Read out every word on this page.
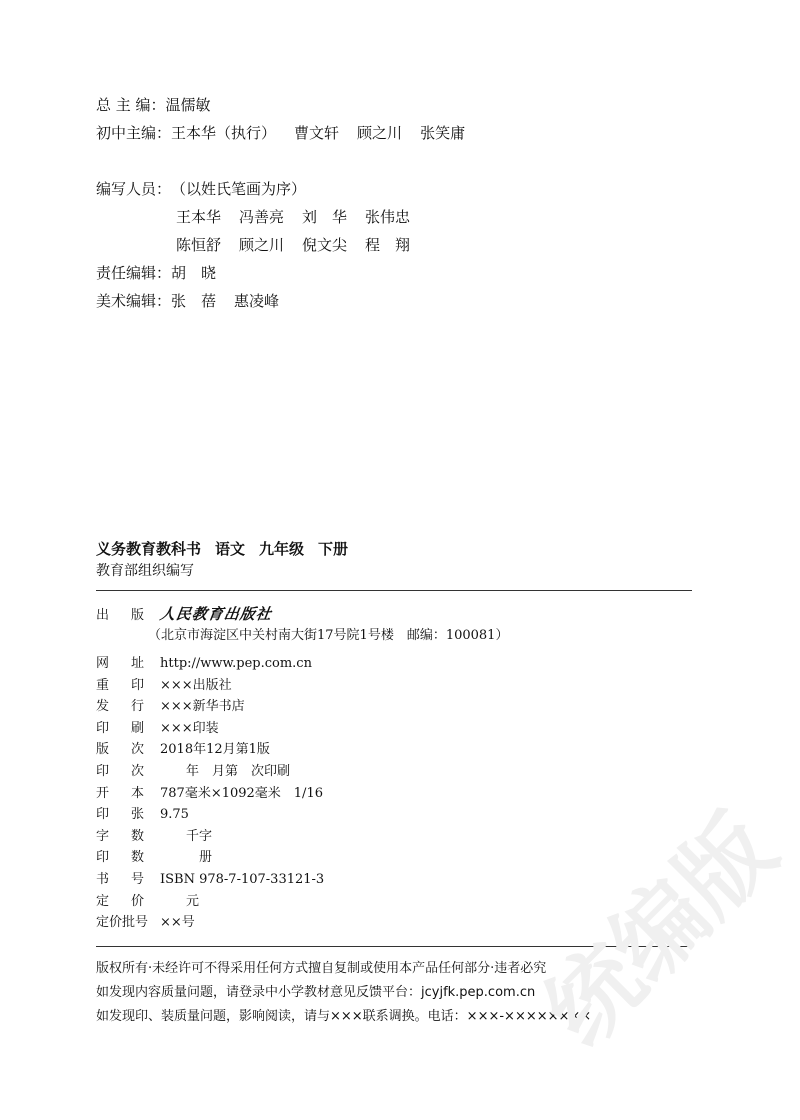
总 主 编：温儒敏
初中主编：王本华（执行） 曹文轩 顾之川 张笑庸
编写人员：（以姓氏笔画为序）
王本华 冯善亮 刘　华 张伟忠
陈恒舒 顾之川 倪文尖 程　翔
责任编辑：胡　晓
美术编辑：张　蓓 惠凌峰
义务教育教科书 语文 九年级 下册
教育部组织编写
出 版 人民教育出版社
（北京市海淀区中关村南大街17号院1号楼　邮编：100081）
网 址 http://www.pep.com.cn
重 印 ×××出版社
发 行 ×××新华书店
印 刷 ×××印装
版 次 2018年12月第1版
印 次 　　年　月第　次印刷
开 本 787毫米×1092毫米　1/16
印 张 9.75
字 数 　　千字
印 数 　　　册
书 号 ISBN 978-7-107-33121-3
定 价 　　元
定价批号 ××号
版权所有·未经许可不得采用任何方式擅自复制或使用本产品任何部分·违者必究
如发现内容质量问题，请登录中小学教材意见反馈平台：jcyjfk.pep.com.cn
如发现印、装质量问题，影响阅读，请与×××联系调换。电话：×××-××××××××
统编版
